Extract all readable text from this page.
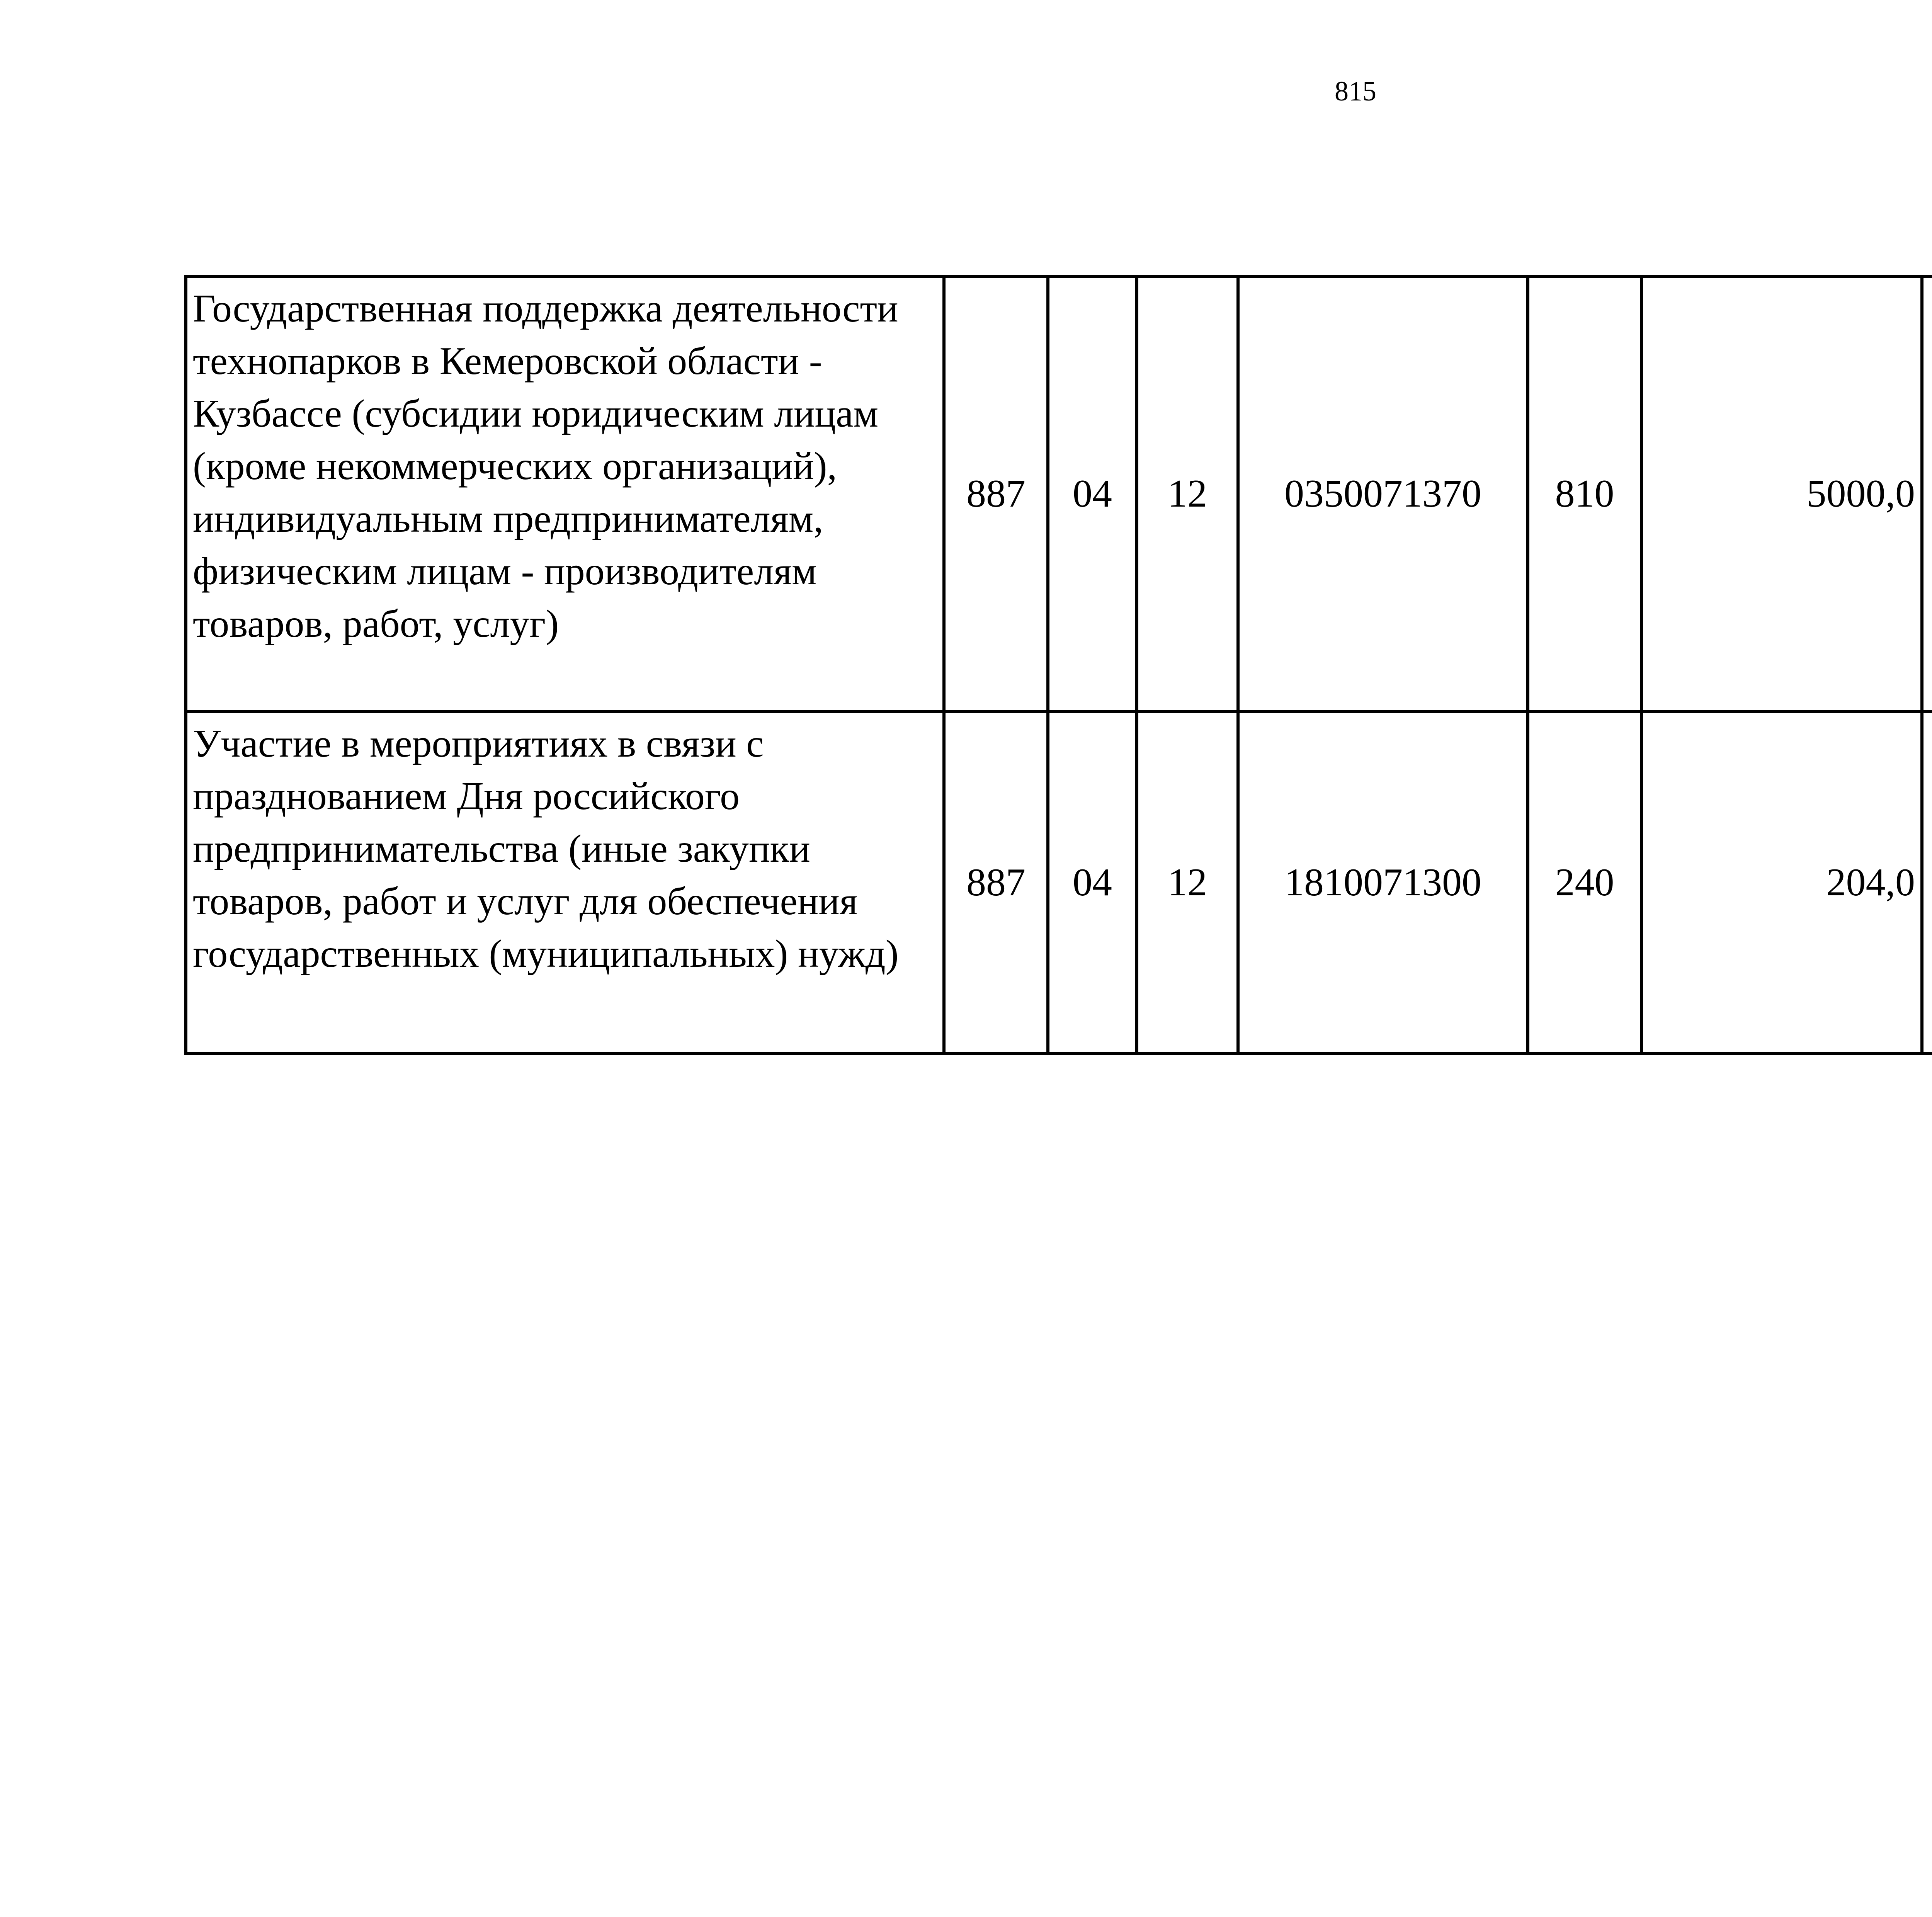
815
Государственная поддержка деятельности технопарков в Кемеровской области - Кузбассе (субсидии юридическим лицам (кроме некоммерческих организаций), индивидуальным предпринимателям, физическим лицам - производителям товаров, работ, услуг)	887	04	12	0350071370	810	5000,0		
Участие в мероприятиях в связи с празднованием Дня российского предпринимательства (иные закупки товаров, работ и услуг для обеспечения государственных (муниципальных) нужд)	887	04	12	1810071300	240	204,0		
